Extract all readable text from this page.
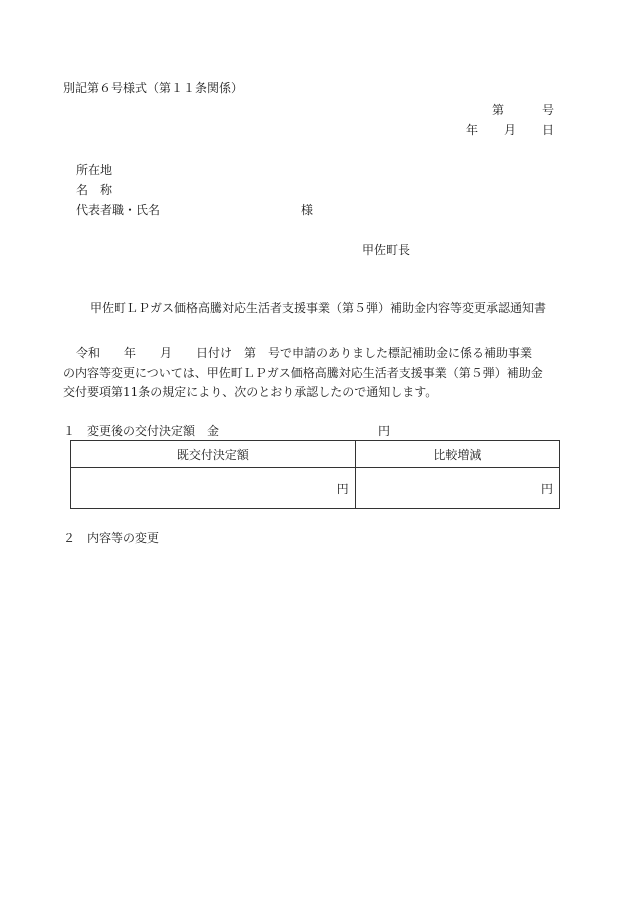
別記第６号様式（第１１条関係）
第	号
年 月 日
所在地
名　称
代表者職・氏名	様
甲佐町長
甲佐町ＬＰガス価格高騰対応生活者支援事業（第５弾）補助金内容等変更承認通知書
令和　　年　　月　　日付け　第　号で申請のありました標記補助金に係る補助事業
の内容等変更については、甲佐町ＬＰガス価格高騰対応生活者支援事業（第５弾）補助金
交付要項第11条の規定により、次のとおり承認したので通知します。
１　変更後の交付決定額　金	円
既交付決定額	比較増減
円	円
２　内容等の変更
